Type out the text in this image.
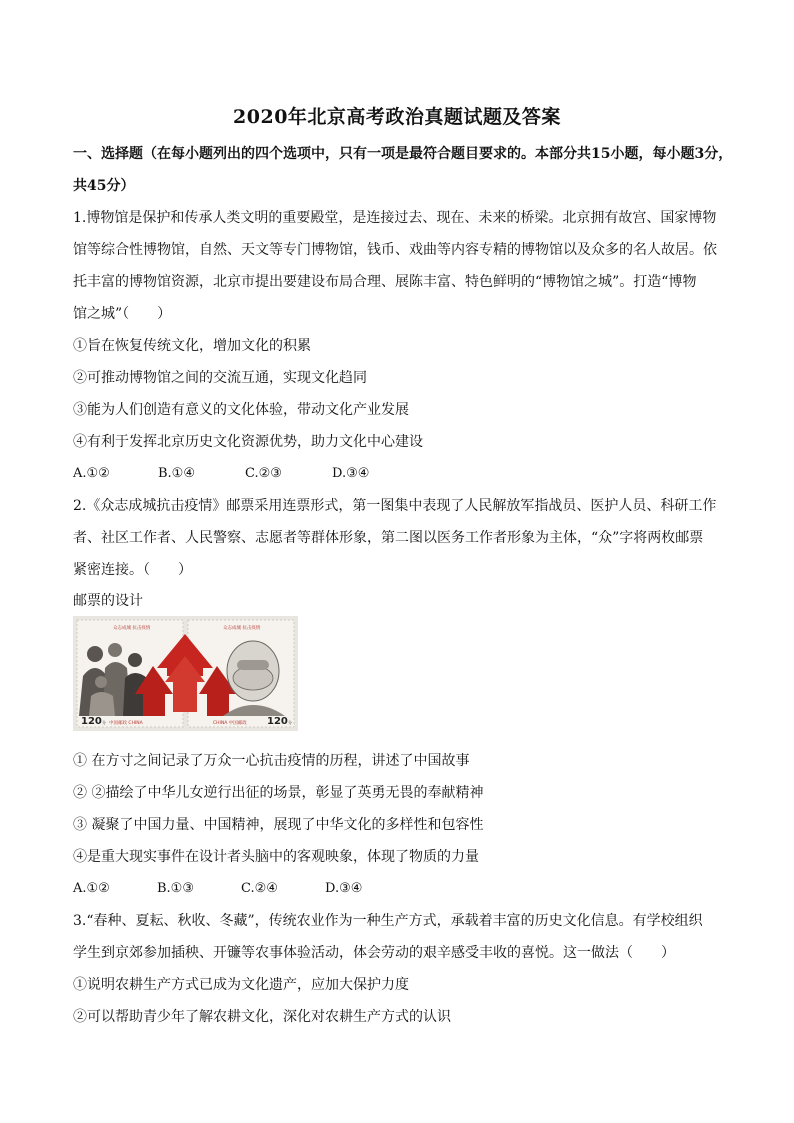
2020年北京高考政治真题试题及答案
一、选择题（在每小题列出的四个选项中，只有一项是最符合题目要求的。本部分共15小题，每小题3分，
共45分）
1.博物馆是保护和传承人类文明的重要殿堂，是连接过去、现在、未来的桥梁。北京拥有故宫、国家博物
馆等综合性博物馆，自然、天文等专门博物馆，钱币、戏曲等内容专精的博物馆以及众多的名人故居。依
托丰富的博物馆资源，北京市提出要建设布局合理、展陈丰富、特色鲜明的“博物馆之城”。打造“博物
馆之城”（　　）
①旨在恢复传统文化，增加文化的积累
②可推动博物馆之间的交流互通，实现文化趋同
③能为人们创造有意义的文化体验，带动文化产业发展
④有利于发挥北京历史文化资源优势，助力文化中心建设
A.①②	B.①④	C.②③	D.③④
2.《众志成城抗击疫情》邮票采用连票形式，第一图集中表现了人民解放军指战员、医护人员、科研工作
者、社区工作者、人民警察、志愿者等群体形象，第二图以医务工作者形象为主体，“众”字将两枚邮票
紧密连接。（　　）
邮票的设计
众志成城 抗击疫情	众志成城 抗击疫情
120 分 中国邮政 CHINA	CHINA 中国邮政 120 分
① 在方寸之间记录了万众一心抗击疫情的历程，讲述了中国故事
② ②描绘了中华儿女逆行出征的场景，彰显了英勇无畏的奉献精神
③ 凝聚了中国力量、中国精神，展现了中华文化的多样性和包容性
④是重大现实事件在设计者头脑中的客观映象，体现了物质的力量
A.①②	B.①③	C.②④	D.③④
3.“春种、夏耘、秋收、冬藏”，传统农业作为一种生产方式，承载着丰富的历史文化信息。有学校组织
学生到京郊参加插秧、开镰等农事体验活动，体会劳动的艰辛感受丰收的喜悦。这一做法（　　）
①说明农耕生产方式已成为文化遗产，应加大保护力度
②可以帮助青少年了解农耕文化，深化对农耕生产方式的认识
